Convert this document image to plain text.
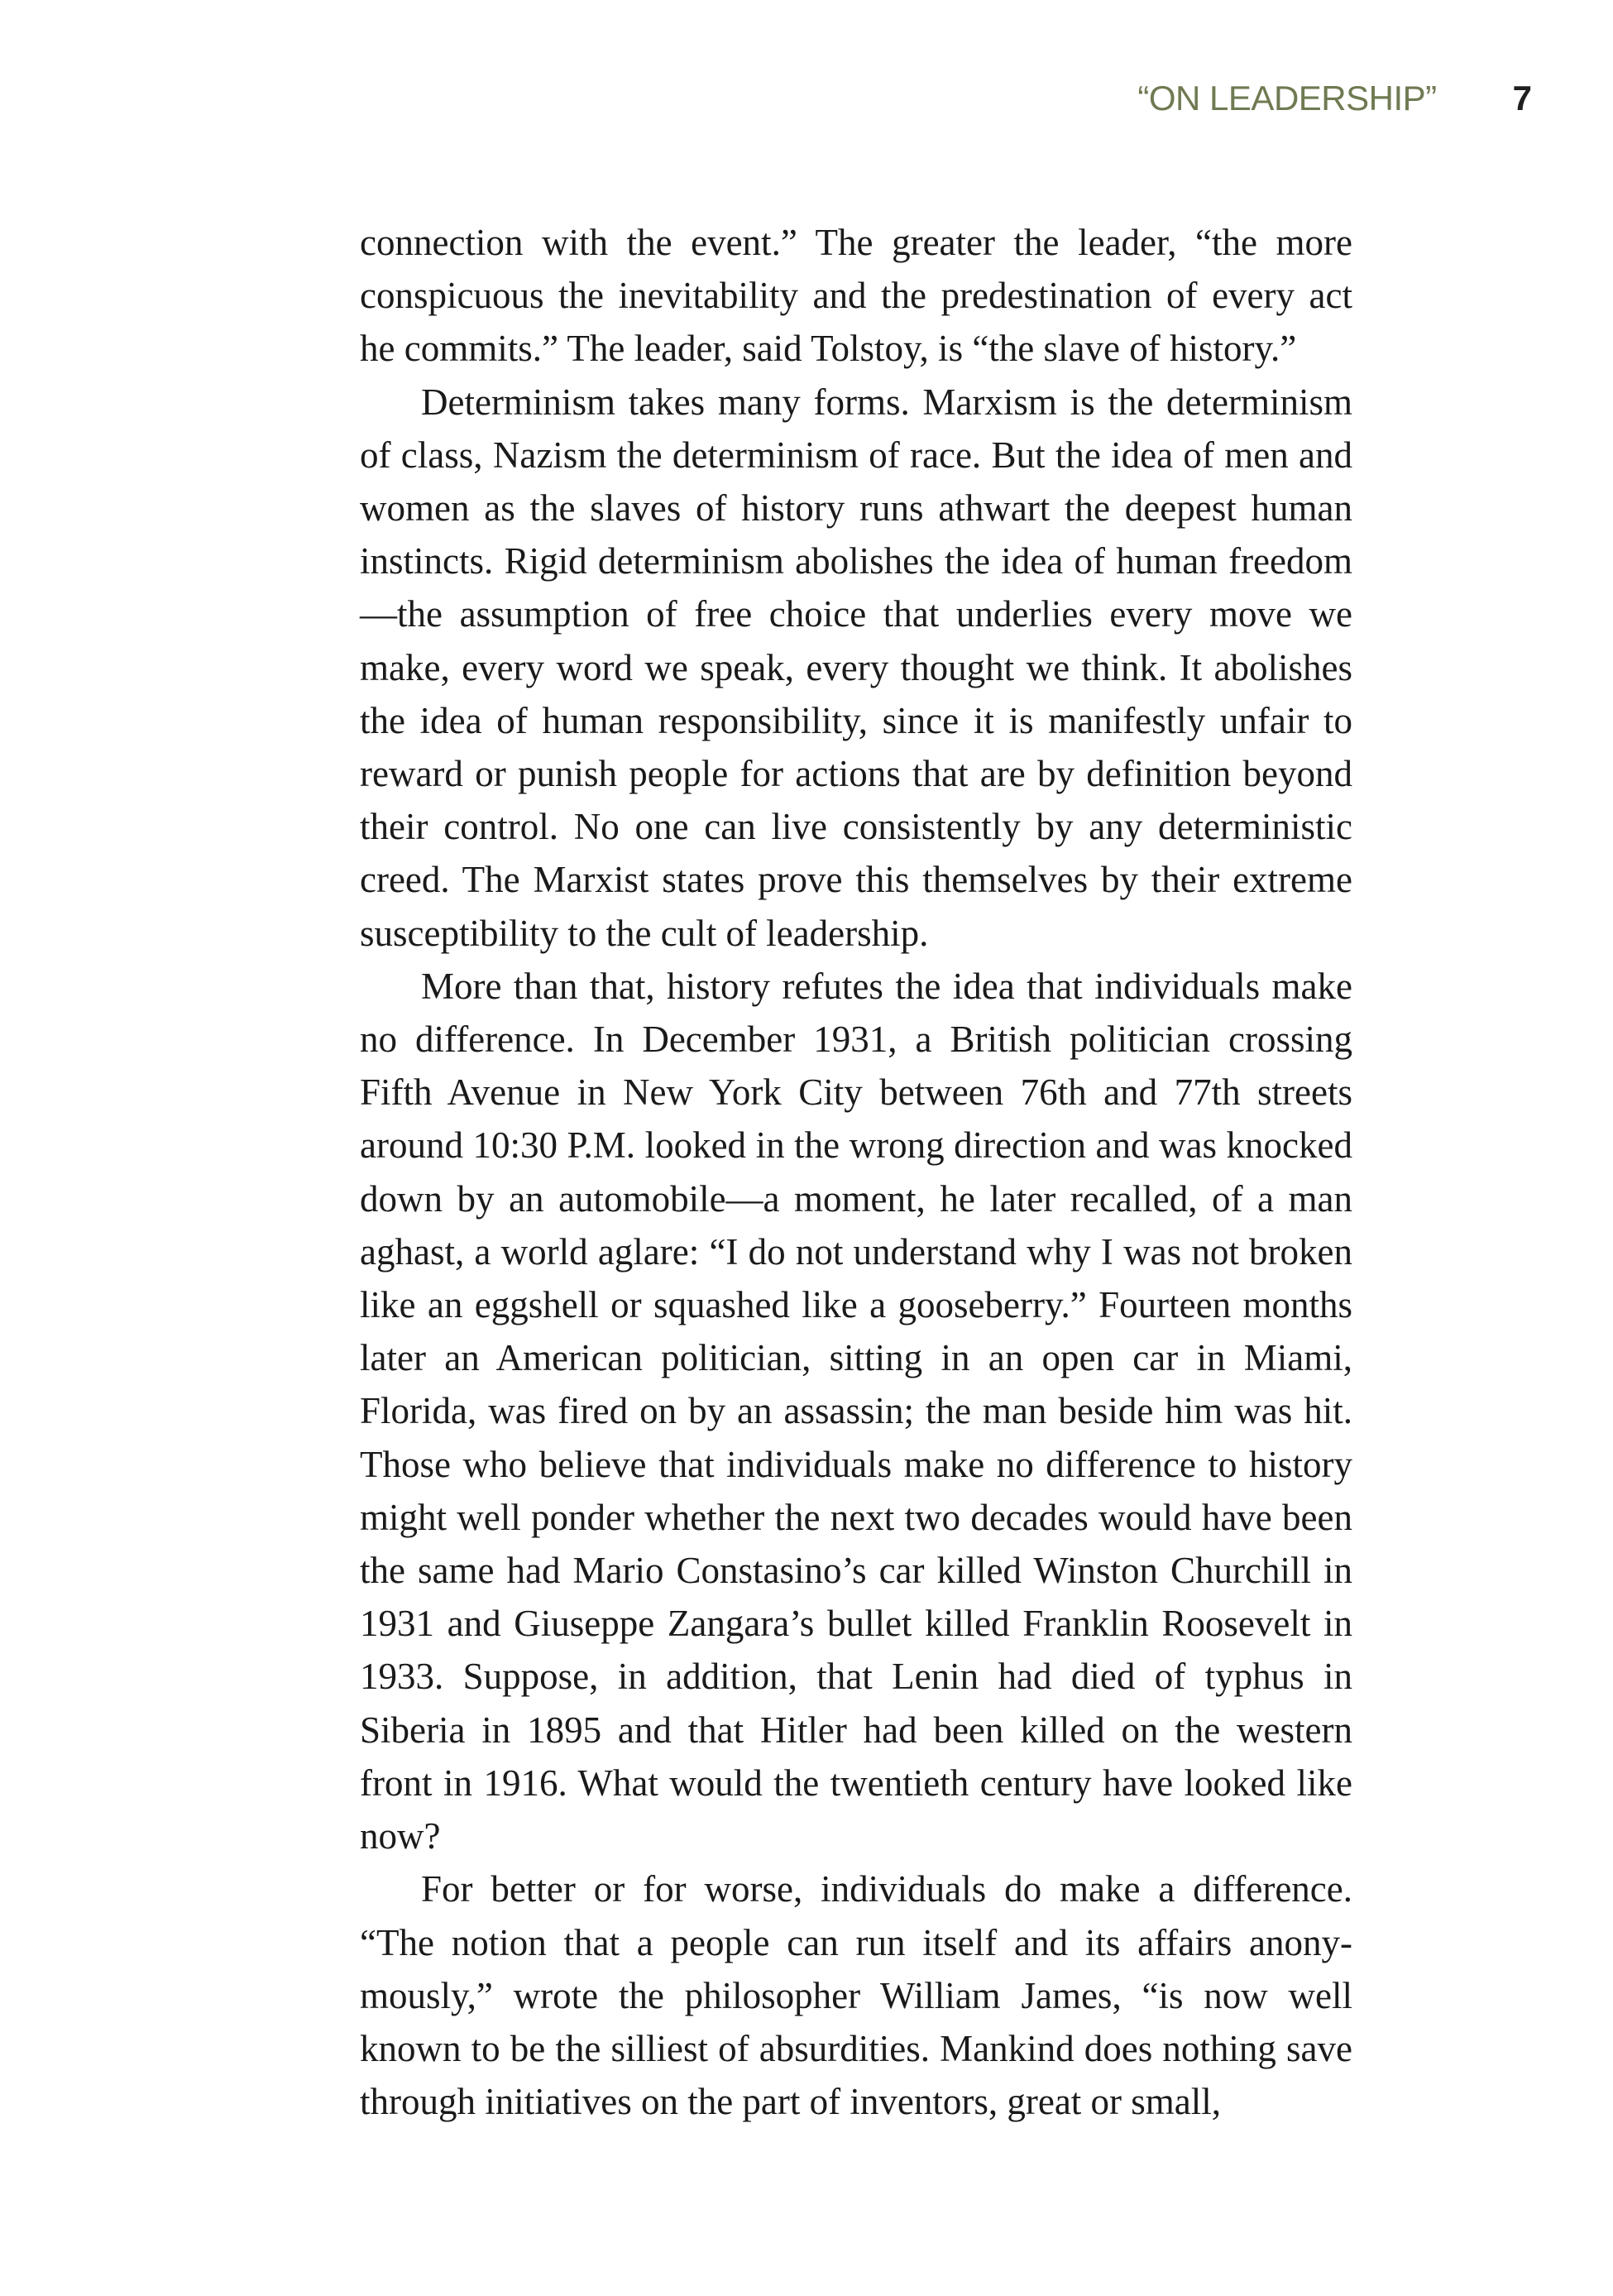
“ON LEADERSHIP” 7

connection with the event.” The greater the leader, “the more conspicuous the inevitability and the predestination of every act he commits.” The leader, said Tolstoy, is “the slave of history.”

Determinism takes many forms. Marxism is the determinism of class, Nazism the determinism of race. But the idea of men and women as the slaves of history runs athwart the deepest human instincts. Rigid determinism abolishes the idea of human freedom—the assumption of free choice that underlies every move we make, every word we speak, every thought we think. It abolishes the idea of human responsibility, since it is manifestly unfair to reward or punish people for actions that are by definition beyond their control. No one can live consistently by any deterministic creed. The Marxist states prove this themselves by their extreme susceptibility to the cult of leadership.

More than that, history refutes the idea that individuals make no difference. In December 1931, a British politician crossing Fifth Avenue in New York City between 76th and 77th streets around 10:30 P.M. looked in the wrong direction and was knocked down by an automobile—a moment, he later recalled, of a man aghast, a world aglare: “I do not understand why I was not broken like an eggshell or squashed like a gooseberry.” Fourteen months later an American politician, sitting in an open car in Miami, Florida, was fired on by an assassin; the man beside him was hit. Those who believe that individuals make no difference to history might well ponder whether the next two decades would have been the same had Mario Constasino’s car killed Winston Churchill in 1931 and Giuseppe Zangara’s bullet killed Franklin Roosevelt in 1933. Suppose, in addition, that Lenin had died of typhus in Siberia in 1895 and that Hitler had been killed on the western front in 1916. What would the twentieth century have looked like now?

For better or for worse, individuals do make a difference. “The notion that a people can run itself and its affairs anonymously,” wrote the philosopher William James, “is now well known to be the silliest of absurdities. Mankind does nothing save through initiatives on the part of inventors, great or small,
